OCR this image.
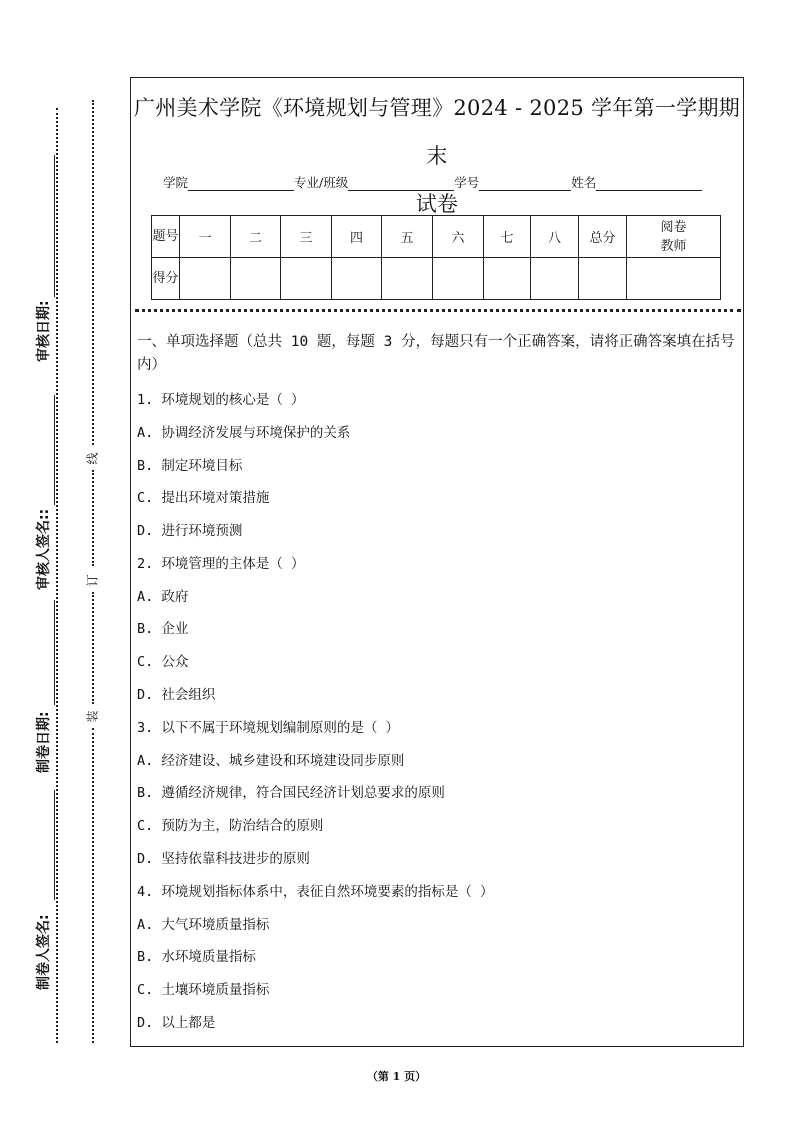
审核日期:
审核人签名::
制卷日期:
制卷人签名:
线
订
装
广州美术学院《环境规划与管理》2024 - 2025 学年第一学期期末
试卷
学院	专业/班级	学号	姓名
题号	一	二	三	四	五	六	七	八	总分	阅卷教师
得分										
一、单项选择题（总共 10 题，每题 3 分，每题只有一个正确答案，请将正确答案填在括号内）
1. 环境规划的核心是（ ）
A. 协调经济发展与环境保护的关系
B. 制定环境目标
C. 提出环境对策措施
D. 进行环境预测
2. 环境管理的主体是（ ）
A. 政府
B. 企业
C. 公众
D. 社会组织
3. 以下不属于环境规划编制原则的是（ ）
A. 经济建设、城乡建设和环境建设同步原则
B. 遵循经济规律，符合国民经济计划总要求的原则
C. 预防为主，防治结合的原则
D. 坚持依靠科技进步的原则
4. 环境规划指标体系中，表征自然环境要素的指标是（ ）
A. 大气环境质量指标
B. 水环境质量指标
C. 土壤环境质量指标
D. 以上都是
（第 1 页）
